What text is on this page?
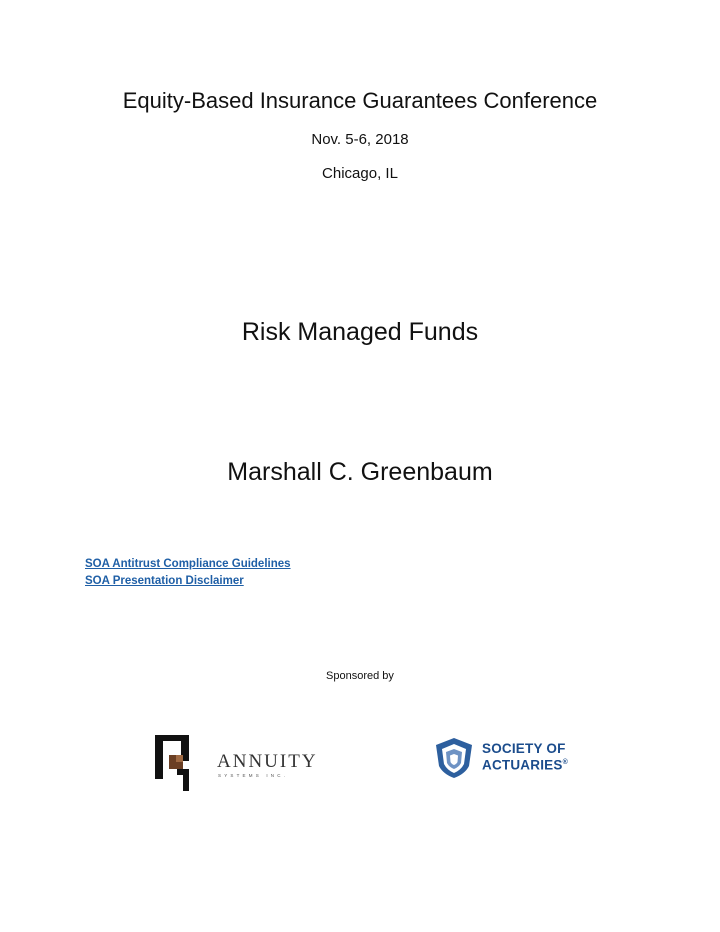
Equity-Based Insurance Guarantees Conference
Nov. 5-6, 2018
Chicago, IL
Risk Managed Funds
Marshall C. Greenbaum
SOA Antitrust Compliance Guidelines
SOA Presentation Disclaimer
Sponsored by
ANNUITY
SYSTEMS INC.
SOCIETY OF
ACTUARIES®
